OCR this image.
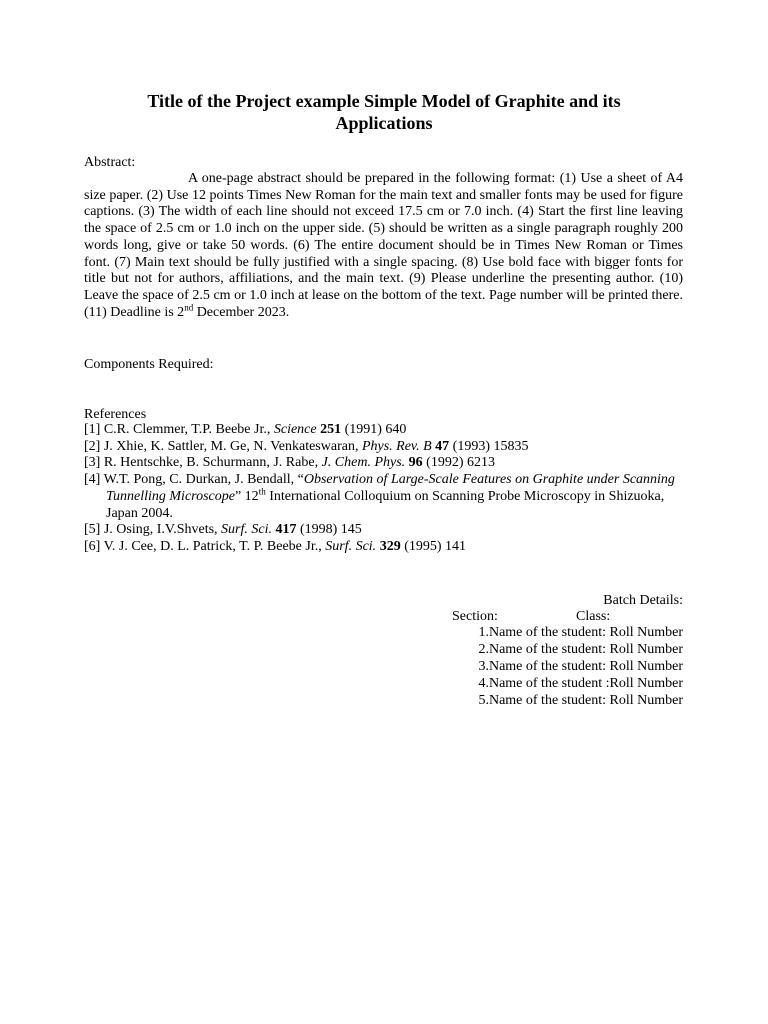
Title of the Project example Simple Model of Graphite and its
Applications
Abstract:

A one-page abstract should be prepared in the following format: (1) Use a sheet of A4 size paper. (2) Use 12 points Times New Roman for the main text and smaller fonts may be used for figure captions. (3) The width of each line should not exceed 17.5 cm or 7.0 inch. (4) Start the first line leaving the space of 2.5 cm or 1.0 inch on the upper side. (5) should be written as a single paragraph roughly 200 words long, give or take 50 words. (6) The entire document should be in Times New Roman or Times font. (7) Main text should be fully justified with a single spacing. (8) Use bold face with bigger fonts for title but not for authors, affiliations, and the main text. (9) Please underline the presenting author. (10) Leave the space of 2.5 cm or 1.0 inch at lease on the bottom of the text. Page number will be printed there. (11) Deadline is 2nd December 2023.

Components Required:
References
[1] C.R. Clemmer, T.P. Beebe Jr., Science 251 (1991) 640
[2] J. Xhie, K. Sattler, M. Ge, N. Venkateswaran, Phys. Rev. B 47 (1993) 15835
[3] R. Hentschke, B. Schurmann, J. Rabe, J. Chem. Phys. 96 (1992) 6213
[4] W.T. Pong, C. Durkan, J. Bendall, “Observation of Large-Scale Features on Graphite under Scanning Tunnelling Microscope” 12th International Colloquium on Scanning Probe Microscopy in Shizuoka, Japan 2004.
[5] J. Osing, I.V.Shvets, Surf. Sci. 417 (1998) 145
[6] V. J. Cee, D. L. Patrick, T. P. Beebe Jr., Surf. Sci. 329 (1995) 141
Batch Details:
Section:	Class:
1.Name of the student: Roll Number
2.Name of the student: Roll Number
3.Name of the student: Roll Number
4.Name of the student :Roll Number
5.Name of the student: Roll Number
